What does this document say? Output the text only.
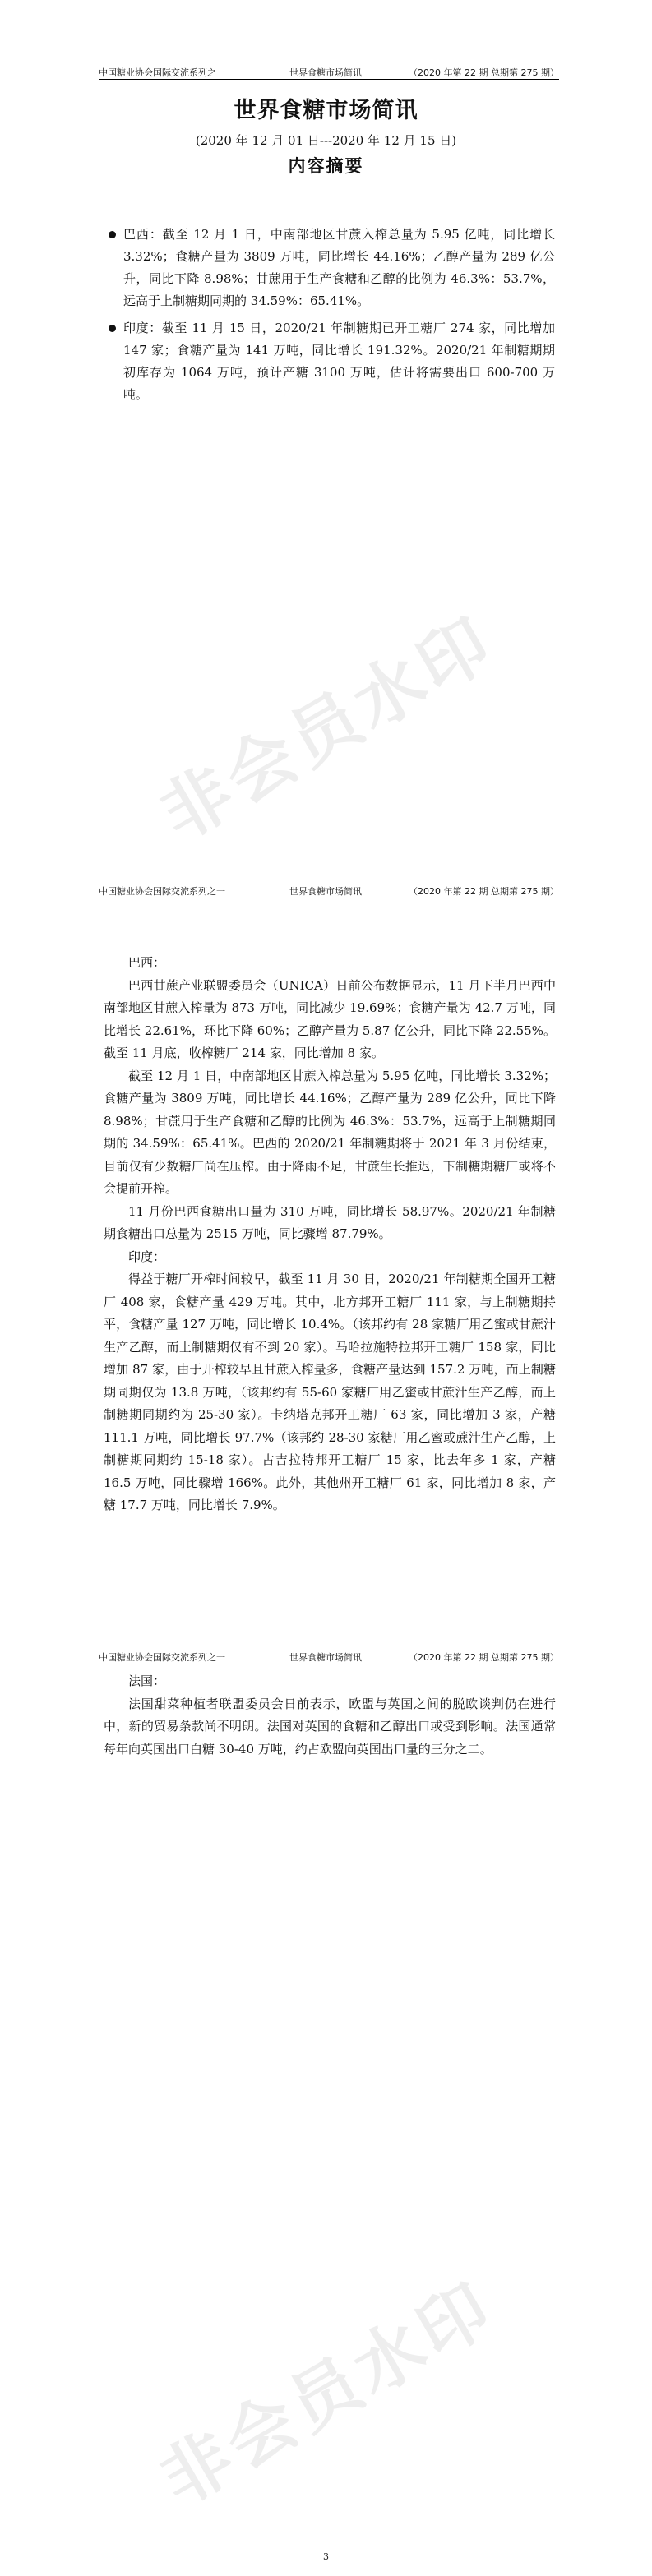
中国糖业协会国际交流系列之一	世界食糖市场简讯	（2020 年第 22 期 总期第 275 期）
世界食糖市场简讯
(2020 年 12 月 01 日---2020 年 12 月 15 日)
内容摘要
巴西：截至 12 月 1 日，中南部地区甘蔗入榨总量为 5.95 亿吨，同比增长 3.32%；食糖产量为 3809 万吨，同比增长 44.16%；乙醇产量为 289 亿公升，同比下降 8.98%；甘蔗用于生产食糖和乙醇的比例为 46.3%：53.7%，远高于上制糖期同期的 34.59%：65.41%。
印度：截至 11 月 15 日，2020/21 年制糖期已开工糖厂 274 家，同比增加 147 家；食糖产量为 141 万吨，同比增长 191.32%。2020/21 年制糖期期初库存为 1064 万吨，预计产糖 3100 万吨，估计将需要出口 600-700 万吨。
非会员水印
中国糖业协会国际交流系列之一	世界食糖市场简讯	（2020 年第 22 期 总期第 275 期）

巴西：

巴西甘蔗产业联盟委员会（UNICA）日前公布数据显示，11 月下半月巴西中南部地区甘蔗入榨量为 873 万吨，同比减少 19.69%；食糖产量为 42.7 万吨，同比增长 22.61%，环比下降 60%；乙醇产量为 5.87 亿公升，同比下降 22.55%。截至 11 月底，收榨糖厂 214 家，同比增加 8 家。

截至 12 月 1 日，中南部地区甘蔗入榨总量为 5.95 亿吨，同比增长 3.32%；食糖产量为 3809 万吨，同比增长 44.16%；乙醇产量为 289 亿公升，同比下降 8.98%；甘蔗用于生产食糖和乙醇的比例为 46.3%：53.7%，远高于上制糖期同期的 34.59%：65.41%。巴西的 2020/21 年制糖期将于 2021 年 3 月份结束，目前仅有少数糖厂尚在压榨。由于降雨不足，甘蔗生长推迟，下制糖期糖厂或将不会提前开榨。

11 月份巴西食糖出口量为 310 万吨，同比增长 58.97%。2020/21 年制糖期食糖出口总量为 2515 万吨，同比骤增 87.79%。

印度：

得益于糖厂开榨时间较早，截至 11 月 30 日，2020/21 年制糖期全国开工糖厂 408 家，食糖产量 429 万吨。其中，北方邦开工糖厂 111 家，与上制糖期持平，食糖产量 127 万吨，同比增长 10.4%。（该邦约有 28 家糖厂用乙蜜或甘蔗汁生产乙醇，而上制糖期仅有不到 20 家）。马哈拉施特拉邦开工糖厂 158 家，同比增加 87 家，由于开榨较早且甘蔗入榨量多，食糖产量达到 157.2 万吨，而上制糖期同期仅为 13.8 万吨，（该邦约有 55-60 家糖厂用乙蜜或甘蔗汁生产乙醇，而上制糖期同期约为 25-30 家）。卡纳塔克邦开工糖厂 63 家，同比增加 3 家，产糖 111.1 万吨，同比增长 97.7%（该邦约 28-30 家糖厂用乙蜜或蔗汁生产乙醇，上制糖期同期约 15-18 家）。古吉拉特邦开工糖厂 15 家，比去年多 1 家，产糖 16.5 万吨，同比骤增 166%。此外，其他州开工糖厂 61 家，同比增加 8 家，产糖 17.7 万吨，同比增长 7.9%。

中国糖业协会国际交流系列之一	世界食糖市场简讯	（2020 年第 22 期 总期第 275 期）

法国：

法国甜菜种植者联盟委员会日前表示，欧盟与英国之间的脱欧谈判仍在进行中，新的贸易条款尚不明朗。法国对英国的食糖和乙醇出口或受到影响。法国通常每年向英国出口白糖 30-40 万吨，约占欧盟向英国出口量的三分之二。

非会员水印
3
